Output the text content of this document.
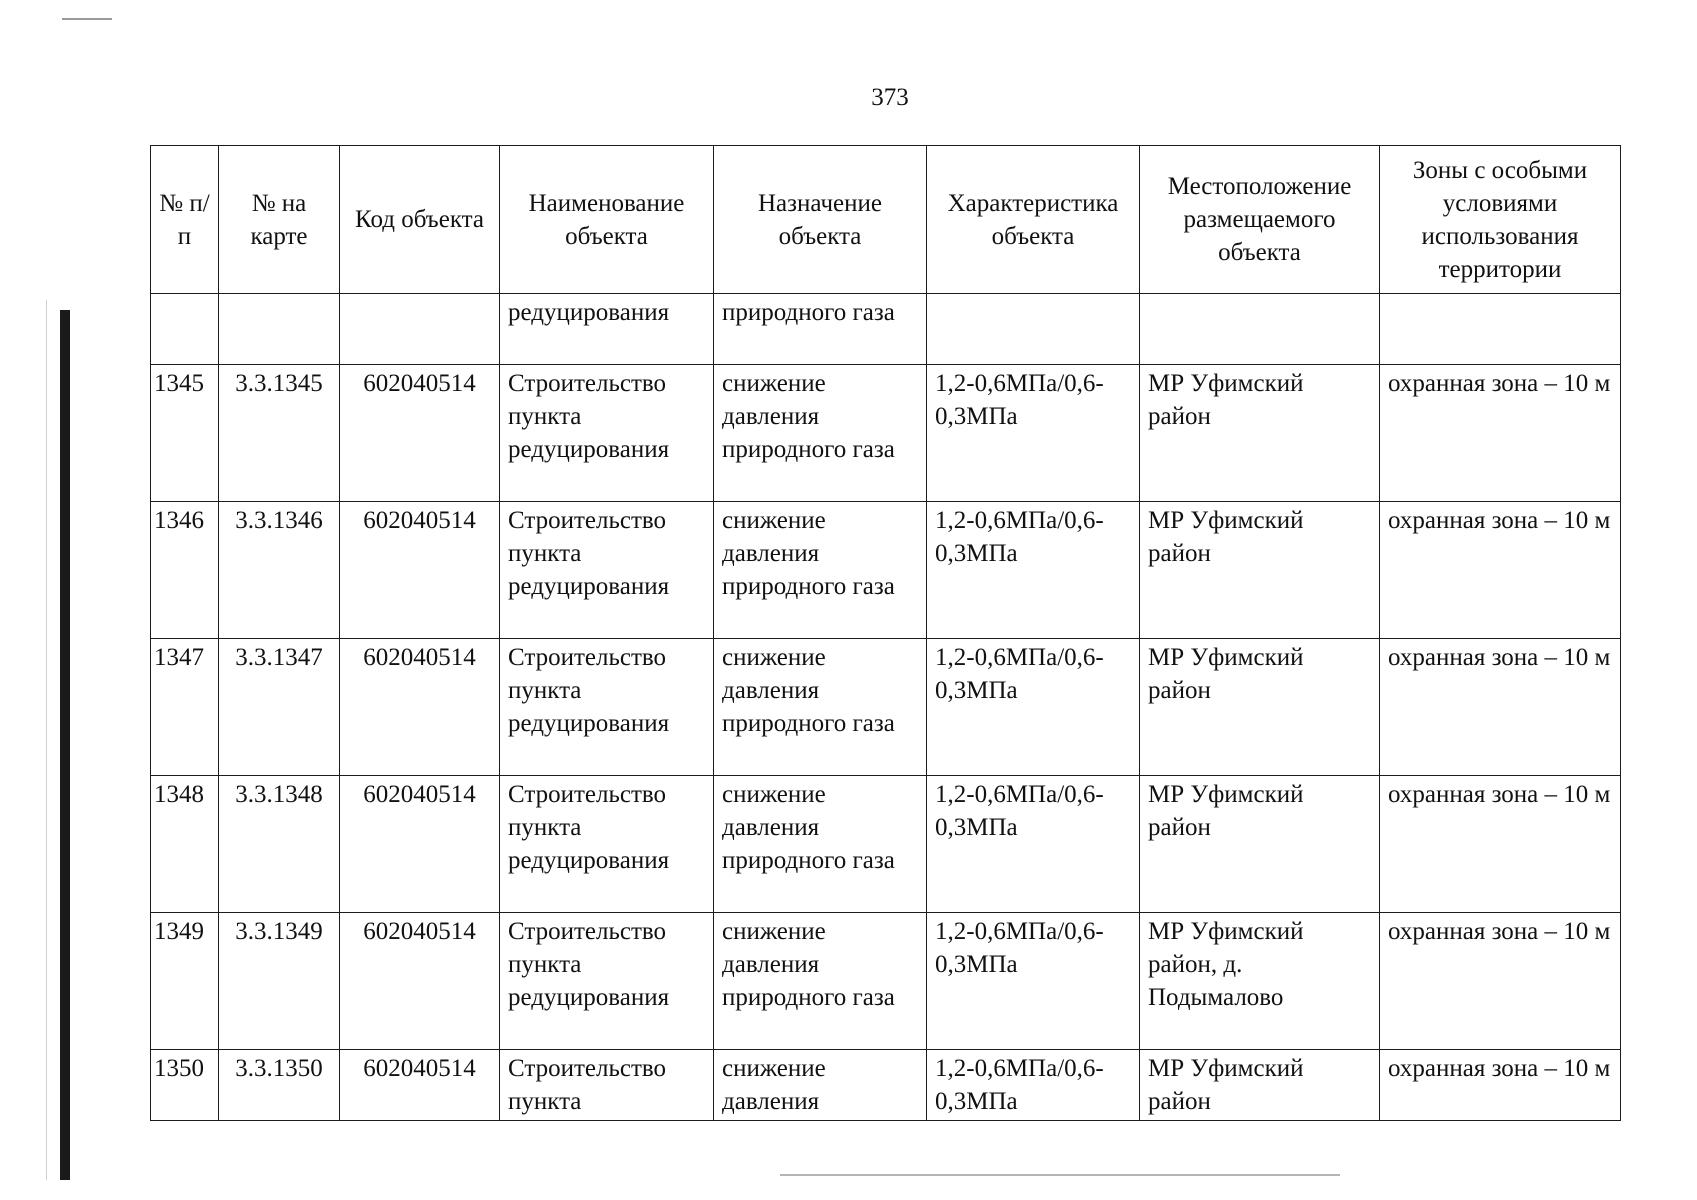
373
№ п/п	№ на карте	Код объекта	Наименование объекта	Назначение объекта	Характеристика объекта	Местоположение размещаемого объекта	Зоны с особыми условиями использования территории
			редуцирования	природного газа			
1345	3.3.1345	602040514	Строительство пункта редуцирования	снижение давления природного газа	1,2-0,6МПа/0,6-0,3МПа	МР Уфимский район	охранная зона – 10 м
1346	3.3.1346	602040514	Строительство пункта редуцирования	снижение давления природного газа	1,2-0,6МПа/0,6-0,3МПа	МР Уфимский район	охранная зона – 10 м
1347	3.3.1347	602040514	Строительство пункта редуцирования	снижение давления природного газа	1,2-0,6МПа/0,6-0,3МПа	МР Уфимский район	охранная зона – 10 м
1348	3.3.1348	602040514	Строительство пункта редуцирования	снижение давления природного газа	1,2-0,6МПа/0,6-0,3МПа	МР Уфимский район	охранная зона – 10 м
1349	3.3.1349	602040514	Строительство пункта редуцирования	снижение давления природного газа	1,2-0,6МПа/0,6-0,3МПа	МР Уфимский район, д. Подымалово	охранная зона – 10 м
1350	3.3.1350	602040514	Строительство пункта	снижение давления	1,2-0,6МПа/0,6-0,3МПа	МР Уфимский район	охранная зона – 10 м
